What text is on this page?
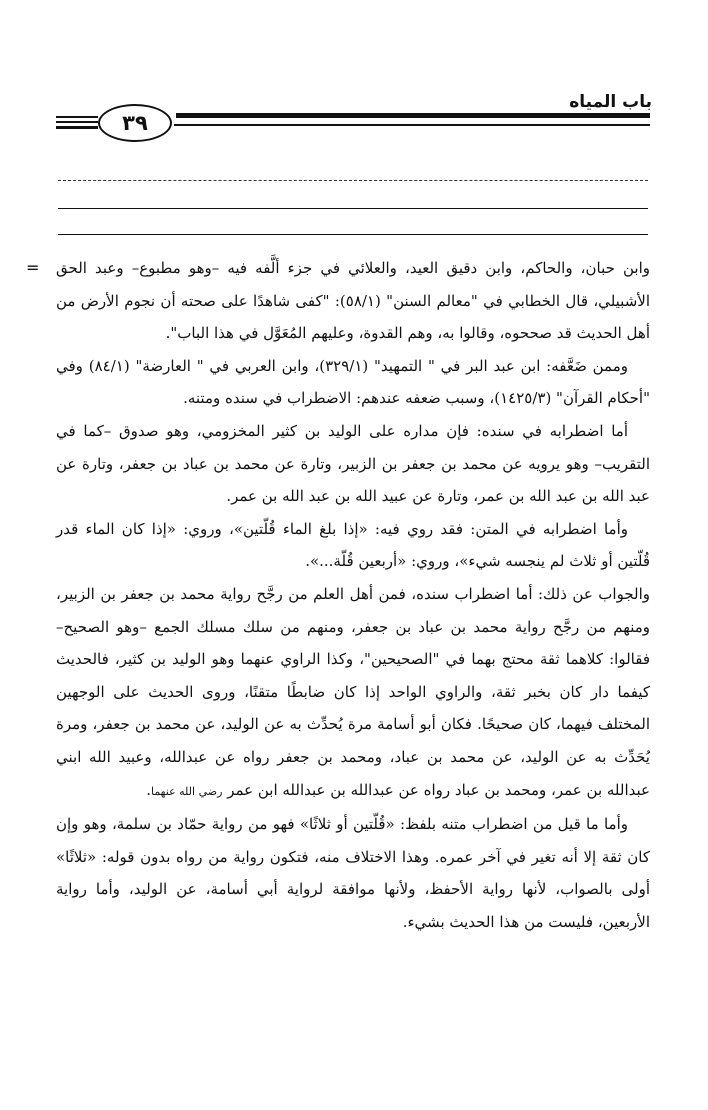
باب المياه
٣٩
= وابن حبان، والحاكم، وابن دقيق العيد، والعلائي في جزء ألَّفه فيه –وهو مطبوع– وعبد الحق الأشبيلي، قال الخطابي في "معالم السنن" (٥٨/١): "كفى شاهدًا على صحته أن نجوم الأرض من أهل الحديث قد صححوه، وقالوا به، وهم القدوة، وعليهم المُعَوَّل في هذا الباب".

وممن ضَعَّفه: ابن عبد البر في " التمهيد" (٣٢٩/١)، وابن العربي في " العارضة" (٨٤/١) وفي "أحكام القرآن" (١٤٢٥/٣)، وسبب ضعفه عندهم: الاضطراب في سنده ومتنه.

أما اضطرابه في سنده: فإن مداره على الوليد بن كثير المخزومي، وهو صدوق –كما في التقريب– وهو يرويه عن محمد بن جعفر بن الزبير، وتارة عن محمد بن عباد بن جعفر، وتارة عن عبد الله بن عبد الله بن عمر، وتارة عن عبيد الله بن عبد الله بن عمر.

وأما اضطرابه في المتن: فقد روي فيه: «إذا بلغ الماء قُلّتين»، وروي: «إذا كان الماء قدر قُلّتين أو ثلاث لم ينجسه شيء»، وروي: «أربعين قُلّة...».

والجواب عن ذلك: أما اضطراب سنده، فمن أهل العلم من رجَّح رواية محمد بن جعفر بن الزبير، ومنهم من رجَّح رواية محمد بن عباد بن جعفر، ومنهم من سلك مسلك الجمع –وهو الصحيح– فقالوا: كلاهما ثقة محتج بهما في "الصحيحين"، وكذا الراوي عنهما وهو الوليد بن كثير، فالحديث كيفما دار كان بخبر ثقة، والراوي الواحد إذا كان ضابطًا متقنًا، وروى الحديث على الوجهين المختلف فيهما، كان صحيحًا. فكان أبو أسامة مرة يُحدِّث به عن الوليد، عن محمد بن جعفر، ومرة يُحَدِّث به عن الوليد، عن محمد بن عباد، ومحمد بن جعفر رواه عن عبدالله، وعبيد الله ابني عبدالله بن عمر، ومحمد بن عباد رواه عن عبدالله بن عبدالله ابن عمر رضي الله عنهما.

وأما ما قيل من اضطراب متنه بلفظ: «قُلّتين أو ثلاثًا» فهو من رواية حمّاد بن سلمة، وهو وإن كان ثقة إلا أنه تغير في آخر عمره. وهذا الاختلاف منه، فتكون رواية من رواه بدون قوله: «ثلاثًا» أولى بالصواب، لأنها رواية الأحفظ، ولأنها موافقة لرواية أبي أسامة، عن الوليد، وأما رواية الأربعين، فليست من هذا الحديث بشيء.
